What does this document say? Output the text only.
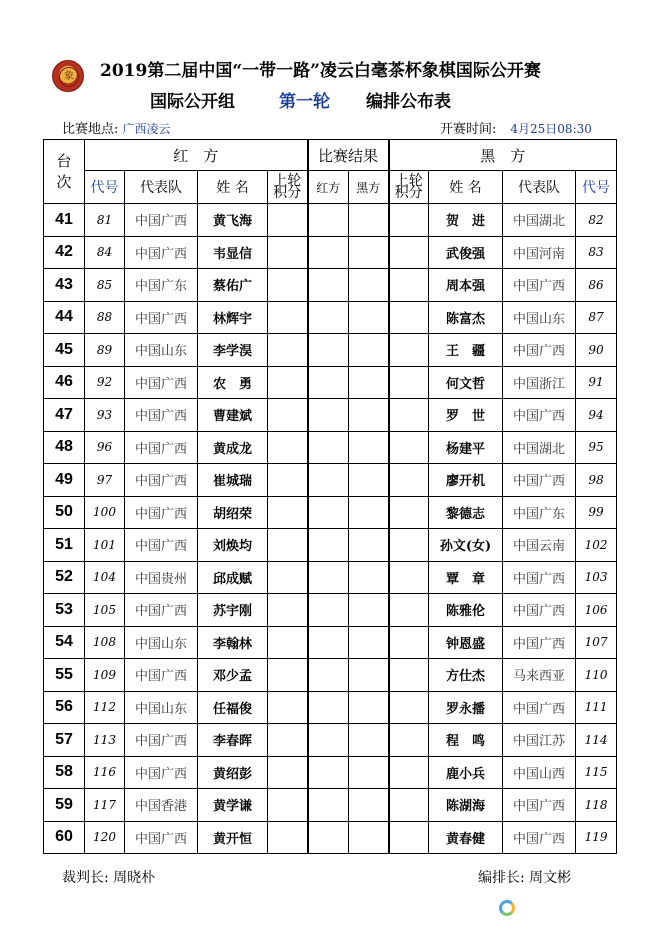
象 2019第二届中国“一带一路”凌云白毫茶杯象棋国际公开赛
国际公开组	第一轮 编排公布表
比赛地点: 广西凌云	开赛时间: 4月25日08:30
台
次	红　方				比赛结果		黑　方			
	代号	代表队	姓 名	上轮
积分	红方	黑方	上轮
积分	姓 名	代表队	代号
41	81	中国广西	黄飞海					贺　进	中国湖北	82
42	84	中国广西	韦显信					武俊强	中国河南	83
43	85	中国广东	蔡佑广					周本强	中国广西	86
44	88	中国广西	林辉宇					陈富杰	中国山东	87
45	89	中国山东	李学淏					王　疆	中国广西	90
46	92	中国广西	农　勇					何文哲	中国浙江	91
47	93	中国广西	曹建斌					罗　世	中国广西	94
48	96	中国广西	黄成龙					杨建平	中国湖北	95
49	97	中国广西	崔城瑞					廖开机	中国广西	98
50	100	中国广西	胡绍荣					黎德志	中国广东	99
51	101	中国广西	刘焕均					孙文(女)	中国云南	102
52	104	中国贵州	邱成赋					覃　章	中国广西	103
53	105	中国广西	苏宇刚					陈雅伦	中国广西	106
54	108	中国山东	李翰林					钟恩盛	中国广西	107
55	109	中国广西	邓少孟					方仕杰	马来西亚	110
56	112	中国山东	任福俊					罗永播	中国广西	111
57	113	中国广西	李春晖					程　鸣	中国江苏	114
58	116	中国广西	黄绍彭					鹿小兵	中国山西	115
59	117	中国香港	黄学谦					陈湖海	中国广西	118
60	120	中国广西	黄开恒					黄春健	中国广西	119
裁判长: 周晓朴	编排长: 周文彬
